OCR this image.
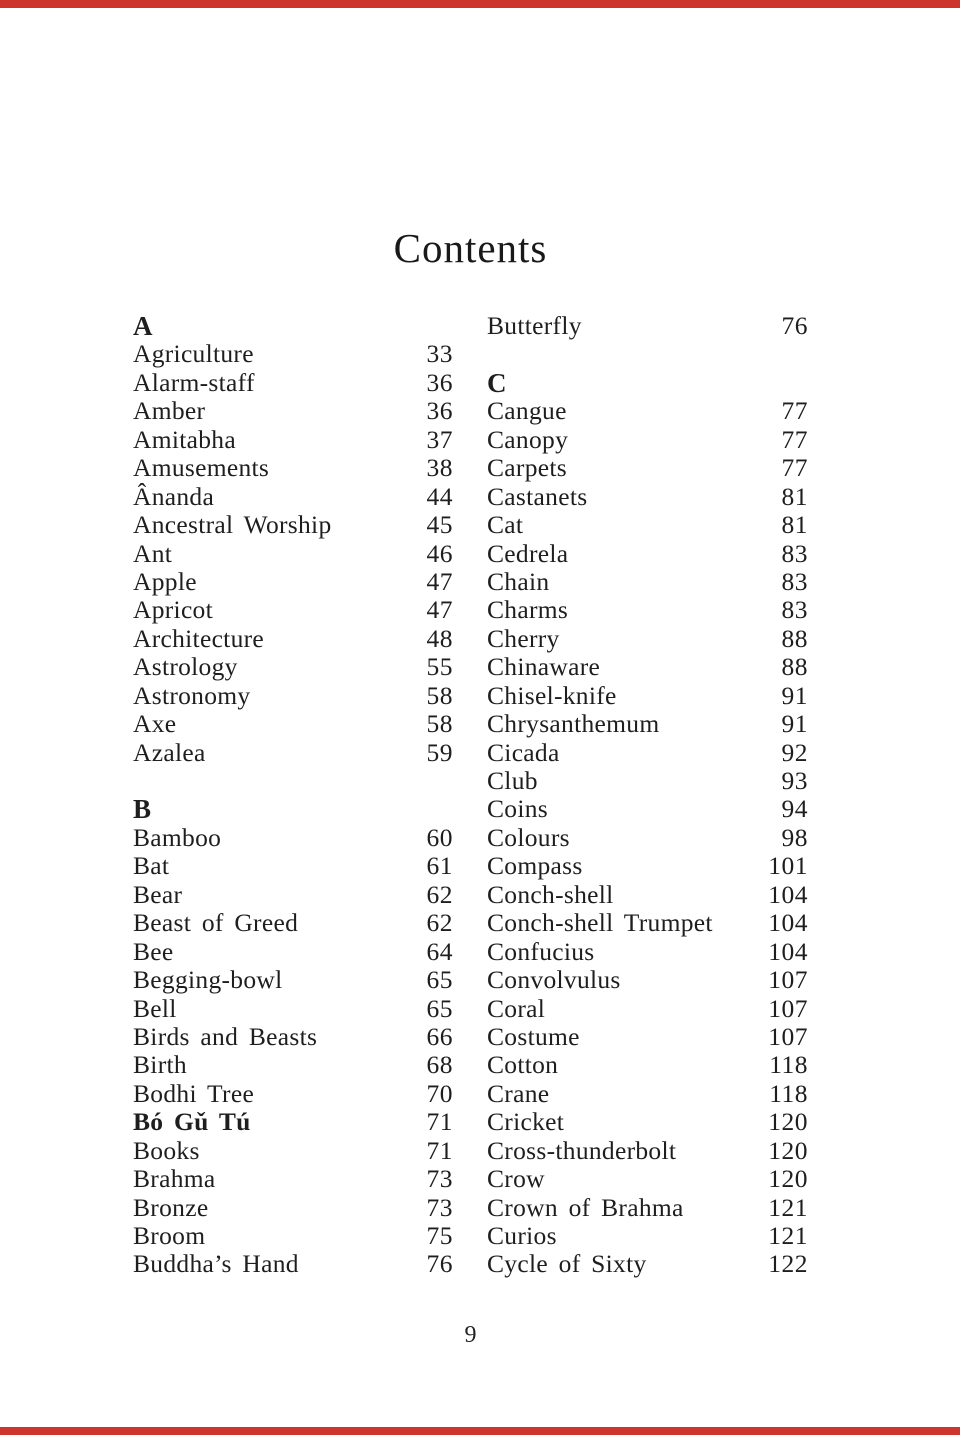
Contents
A
Agriculture	33
Alarm-staff	36
Amber	36
Amitabha	37
Amusements	38
Ânanda	44
Ancestral Worship	45
Ant	46
Apple	47
Apricot	47
Architecture	48
Astrology	55
Astronomy	58
Axe	58
Azalea	59
B
Bamboo	60
Bat	61
Bear	62
Beast of Greed	62
Bee	64
Begging-bowl	65
Bell	65
Birds and Beasts	66
Birth	68
Bodhi Tree	70
Bó Gǔ Tú	71
Books	71
Brahma	73
Bronze	73
Broom	75
Buddha’s Hand	76
Butterfly	76
C
Cangue	77
Canopy	77
Carpets	77
Castanets	81
Cat	81
Cedrela	83
Chain	83
Charms	83
Cherry	88
Chinaware	88
Chisel-knife	91
Chrysanthemum	91
Cicada	92
Club	93
Coins	94
Colours	98
Compass	101
Conch-shell	104
Conch-shell Trumpet 104
Confucius	104
Convolvulus	107
Coral	107
Costume	107
Cotton	118
Crane	118
Cricket	120
Cross-thunderbolt	120
Crow	120
Crown of Brahma	121
Curios	121
Cycle of Sixty	122
9
